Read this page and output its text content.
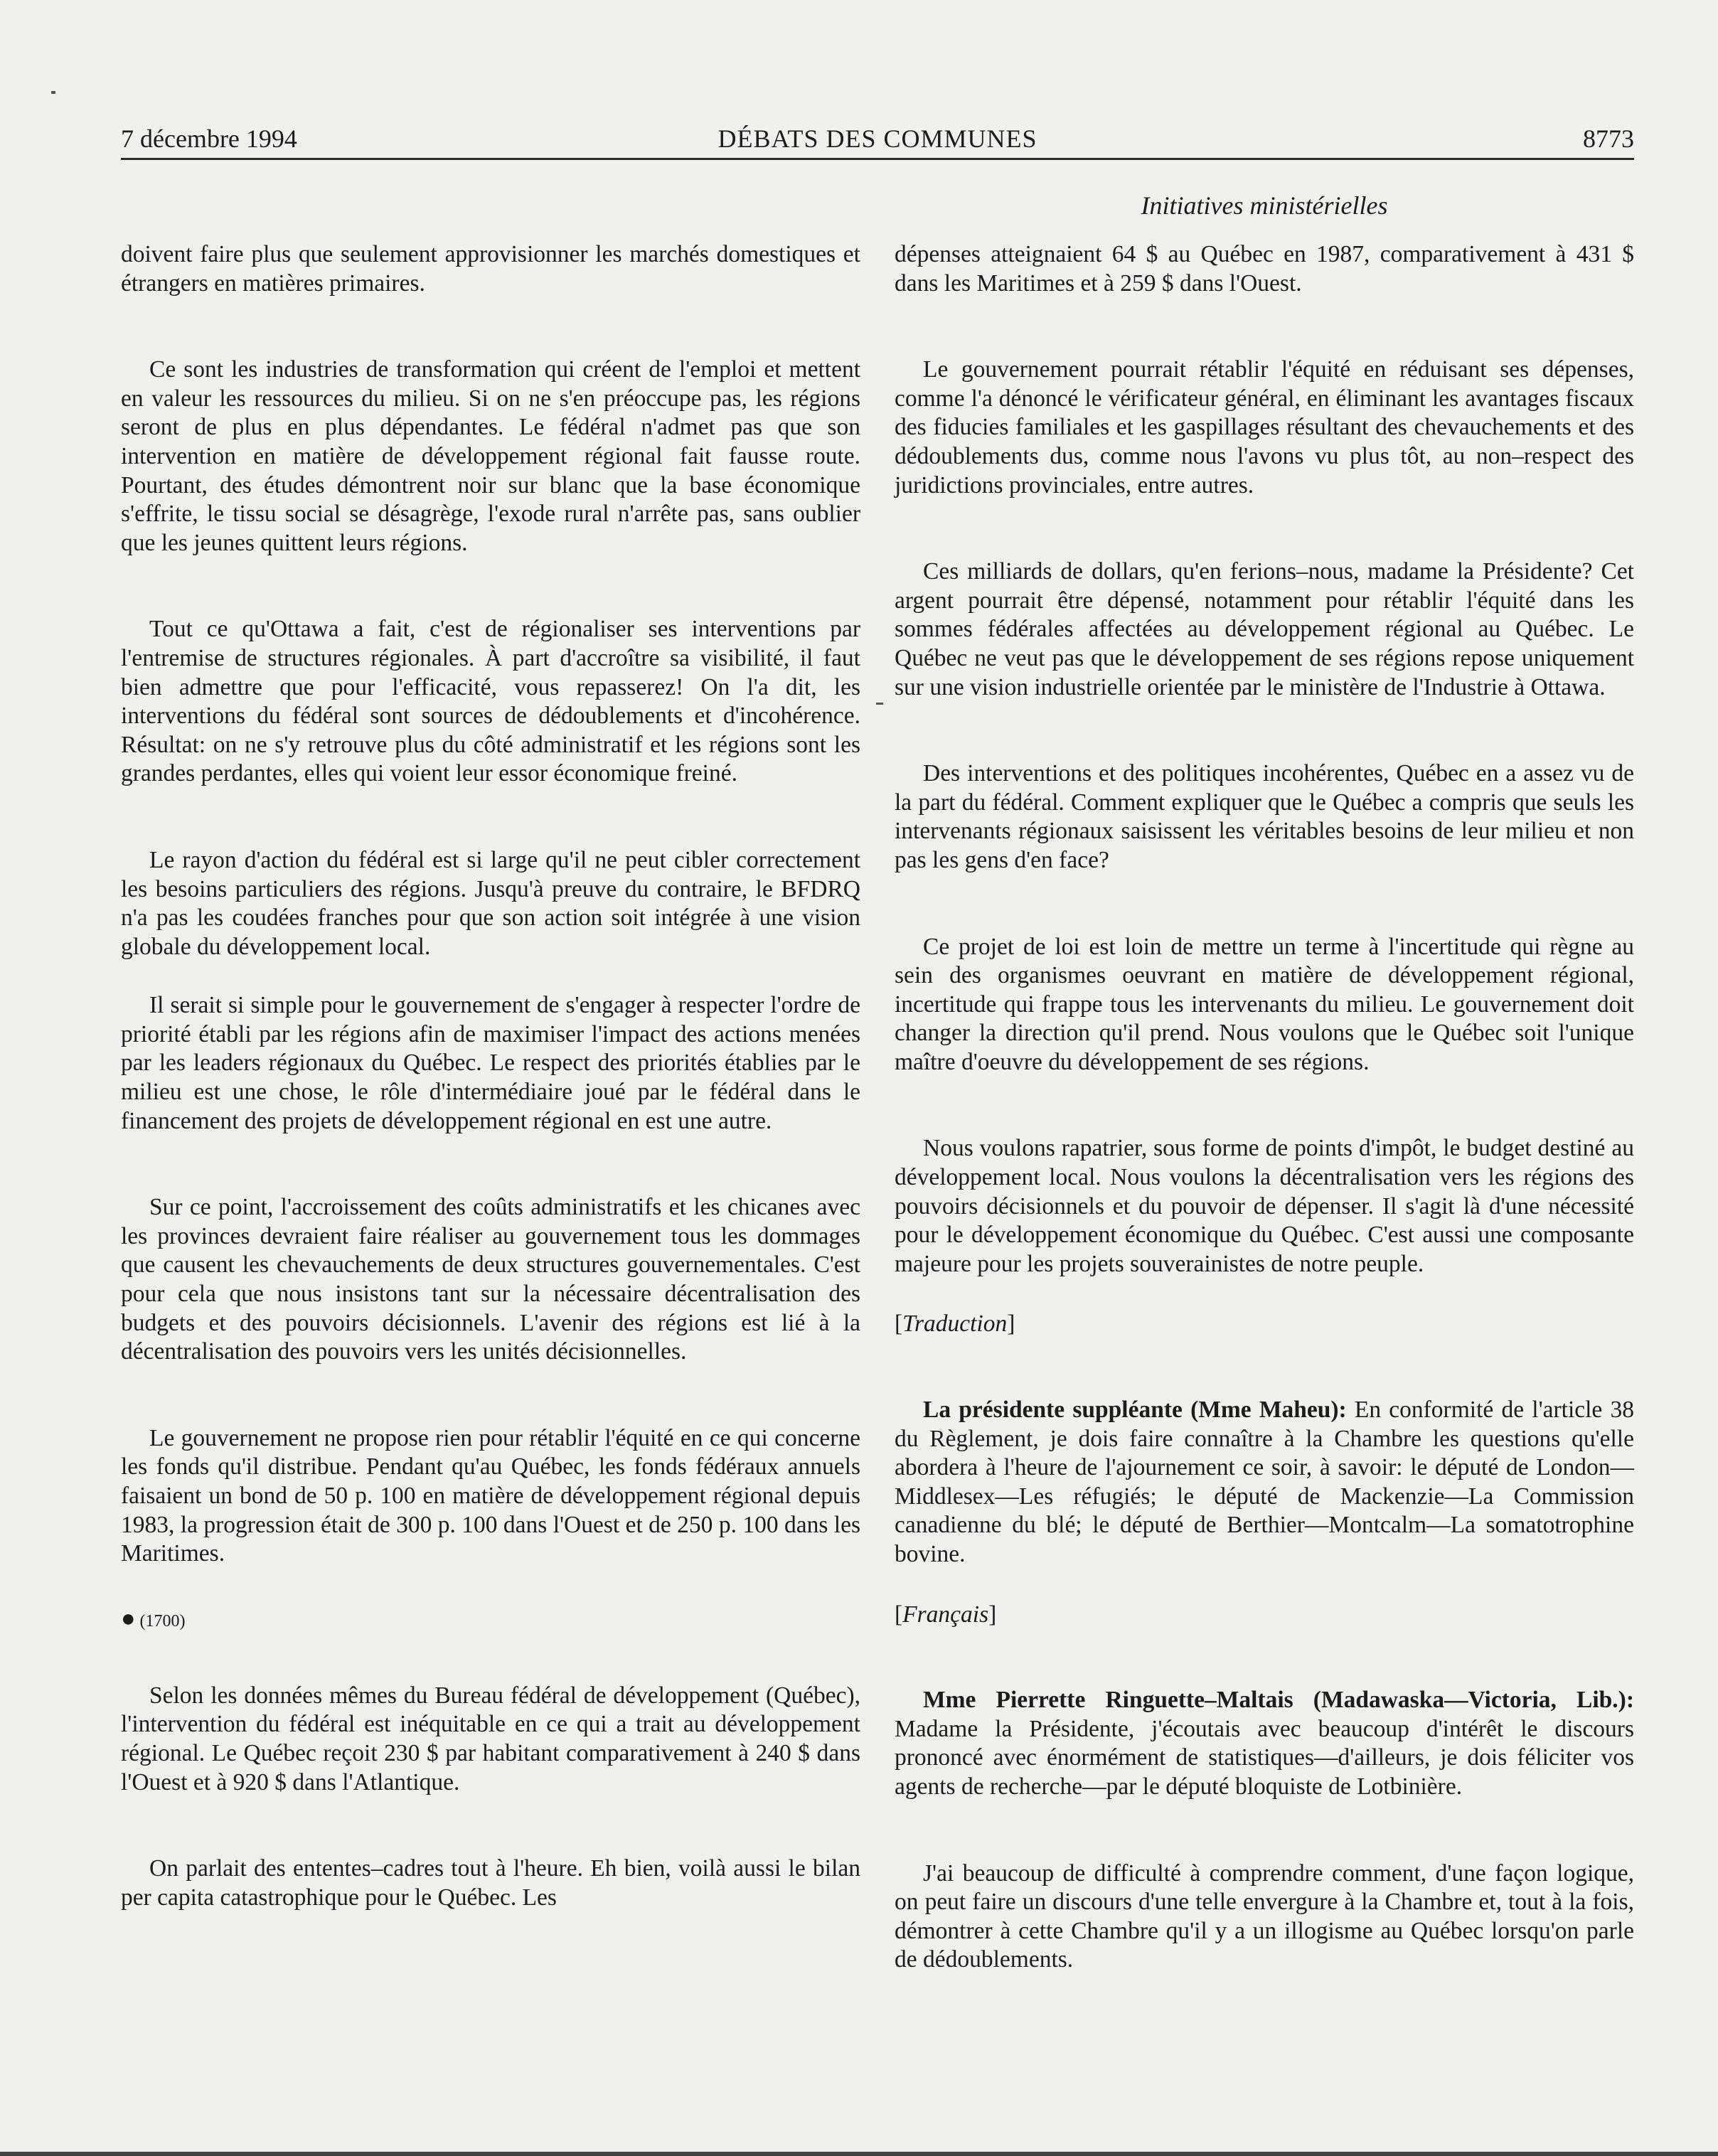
7 décembre 1994	DÉBATS DES COMMUNES	8773
Initiatives ministérielles

doivent faire plus que seulement approvisionner les marchés domestiques et étrangers en matières primaires.

Ce sont les industries de transformation qui créent de l'emploi et mettent en valeur les ressources du milieu. Si on ne s'en préoccupe pas, les régions seront de plus en plus dépendantes. Le fédéral n'admet pas que son intervention en matière de développement régional fait fausse route. Pourtant, des études démontrent noir sur blanc que la base économique s'effrite, le tissu social se désagrège, l'exode rural n'arrête pas, sans oublier que les jeunes quittent leurs régions.

Tout ce qu'Ottawa a fait, c'est de régionaliser ses interventions par l'entremise de structures régionales. À part d'accroître sa visibilité, il faut bien admettre que pour l'efficacité, vous repasserez! On l'a dit, les interventions du fédéral sont sources de dédoublements et d'incohérence. Résultat: on ne s'y retrouve plus du côté administratif et les régions sont les grandes perdantes, elles qui voient leur essor économique freiné.

Le rayon d'action du fédéral est si large qu'il ne peut cibler correctement les besoins particuliers des régions. Jusqu'à preuve du contraire, le BFDRQ n'a pas les coudées franches pour que son action soit intégrée à une vision globale du développement local.

Il serait si simple pour le gouvernement de s'engager à respecter l'ordre de priorité établi par les régions afin de maximiser l'impact des actions menées par les leaders régionaux du Québec. Le respect des priorités établies par le milieu est une chose, le rôle d'intermédiaire joué par le fédéral dans le financement des projets de développement régional en est une autre.

Sur ce point, l'accroissement des coûts administratifs et les chicanes avec les provinces devraient faire réaliser au gouvernement tous les dommages que causent les chevauchements de deux structures gouvernementales. C'est pour cela que nous insistons tant sur la nécessaire décentralisation des budgets et des pouvoirs décisionnels. L'avenir des régions est lié à la décentralisation des pouvoirs vers les unités décisionnelles.

Le gouvernement ne propose rien pour rétablir l'équité en ce qui concerne les fonds qu'il distribue. Pendant qu'au Québec, les fonds fédéraux annuels faisaient un bond de 50 p. 100 en matière de développement régional depuis 1983, la progression était de 300 p. 100 dans l'Ouest et de 250 p. 100 dans les Maritimes.

● (1700)

Selon les données mêmes du Bureau fédéral de développement (Québec), l'intervention du fédéral est inéquitable en ce qui a trait au développement régional. Le Québec reçoit 230 $ par habitant comparativement à 240 $ dans l'Ouest et à 920 $ dans l'Atlantique.

On parlait des ententes–cadres tout à l'heure. Eh bien, voilà aussi le bilan per capita catastrophique pour le Québec. Les

dépenses atteignaient 64 $ au Québec en 1987, comparativement à 431 $ dans les Maritimes et à 259 $ dans l'Ouest.

Le gouvernement pourrait rétablir l'équité en réduisant ses dépenses, comme l'a dénoncé le vérificateur général, en éliminant les avantages fiscaux des fiducies familiales et les gaspillages résultant des chevauchements et des dédoublements dus, comme nous l'avons vu plus tôt, au non–respect des juridictions provinciales, entre autres.

Ces milliards de dollars, qu'en ferions–nous, madame la Présidente? Cet argent pourrait être dépensé, notamment pour rétablir l'équité dans les sommes fédérales affectées au développement régional au Québec. Le Québec ne veut pas que le développement de ses régions repose uniquement sur une vision industrielle orientée par le ministère de l'Industrie à Ottawa.

Des interventions et des politiques incohérentes, Québec en a assez vu de la part du fédéral. Comment expliquer que le Québec a compris que seuls les intervenants régionaux saisissent les véritables besoins de leur milieu et non pas les gens d'en face?

Ce projet de loi est loin de mettre un terme à l'incertitude qui règne au sein des organismes oeuvrant en matière de développement régional, incertitude qui frappe tous les intervenants du milieu. Le gouvernement doit changer la direction qu'il prend. Nous voulons que le Québec soit l'unique maître d'oeuvre du développement de ses régions.

Nous voulons rapatrier, sous forme de points d'impôt, le budget destiné au développement local. Nous voulons la décentralisation vers les régions des pouvoirs décisionnels et du pouvoir de dépenser. Il s'agit là d'une nécessité pour le développement économique du Québec. C'est aussi une composante majeure pour les projets souverainistes de notre peuple.

[Traduction]

La présidente suppléante (Mme Maheu): En conformité de l'article 38 du Règlement, je dois faire connaître à la Chambre les questions qu'elle abordera à l'heure de l'ajournement ce soir, à savoir: le député de London—Middlesex—Les réfugiés; le député de Mackenzie—La Commission canadienne du blé; le député de Berthier—Montcalm—La somatotrophine bovine.

[Français]

Mme Pierrette Ringuette–Maltais (Madawaska—Victoria, Lib.): Madame la Présidente, j'écoutais avec beaucoup d'intérêt le discours prononcé avec énormément de statistiques—d'ailleurs, je dois féliciter vos agents de recherche—par le député bloquiste de Lotbinière.

J'ai beaucoup de difficulté à comprendre comment, d'une façon logique, on peut faire un discours d'une telle envergure à la Chambre et, tout à la fois, démontrer à cette Chambre qu'il y a un illogisme au Québec lorsqu'on parle de dédoublements.
